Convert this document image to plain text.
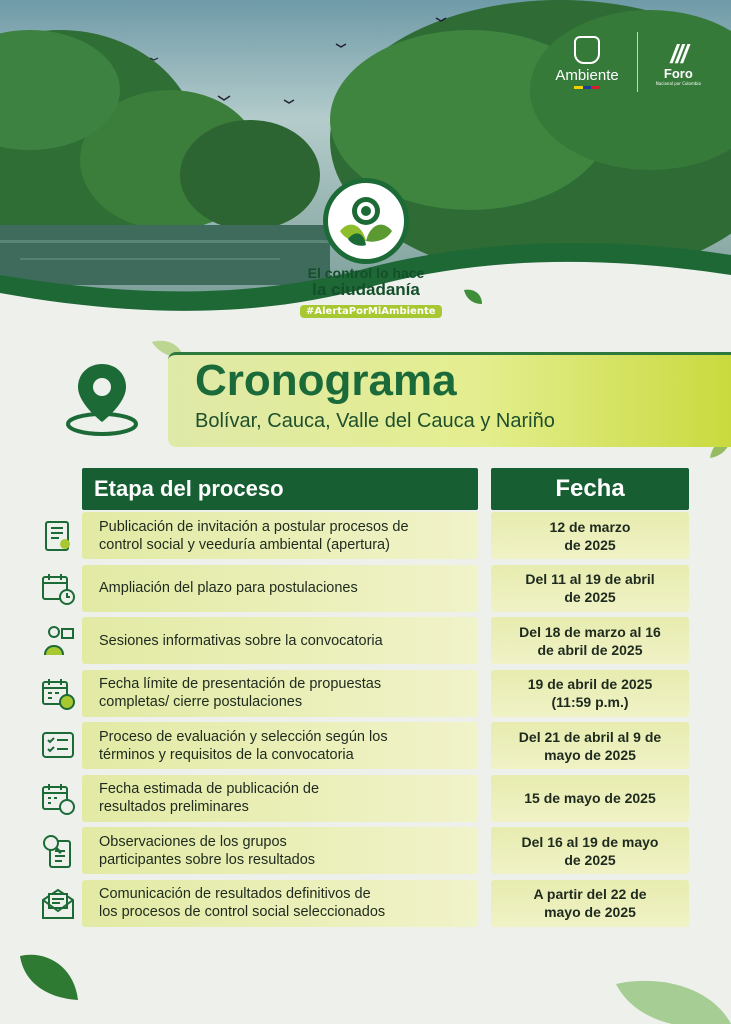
Ambiente
///
Foro
Nacional por Colombia
El control lo hace
la ciudadanía
#AlertaPorMiAmbiente
Cronograma
Bolívar, Cauca, Valle del Cauca y Nariño
Etapa del proceso	Fecha
Publicación de invitación a postular procesos de
control social y veeduría ambiental (apertura)
12 de marzo
de 2025
Ampliación del plazo para postulaciones
Del 11 al 19 de abril
de 2025
Sesiones informativas sobre la convocatoria
Del 18 de marzo al 16
de abril de 2025
Fecha límite de presentación de propuestas
completas/ cierre postulaciones
19 de abril de 2025
(11:59 p.m.)
Proceso de evaluación y selección según los
términos y requisitos de la convocatoria
Del 21 de abril al 9 de
mayo de 2025
Fecha estimada de publicación de
resultados preliminares
15 de mayo de 2025
Observaciones de los grupos
participantes sobre los resultados
Del 16 al 19 de mayo
de 2025
Comunicación de resultados definitivos de
los procesos de control social seleccionados
A partir del 22 de
mayo de 2025
